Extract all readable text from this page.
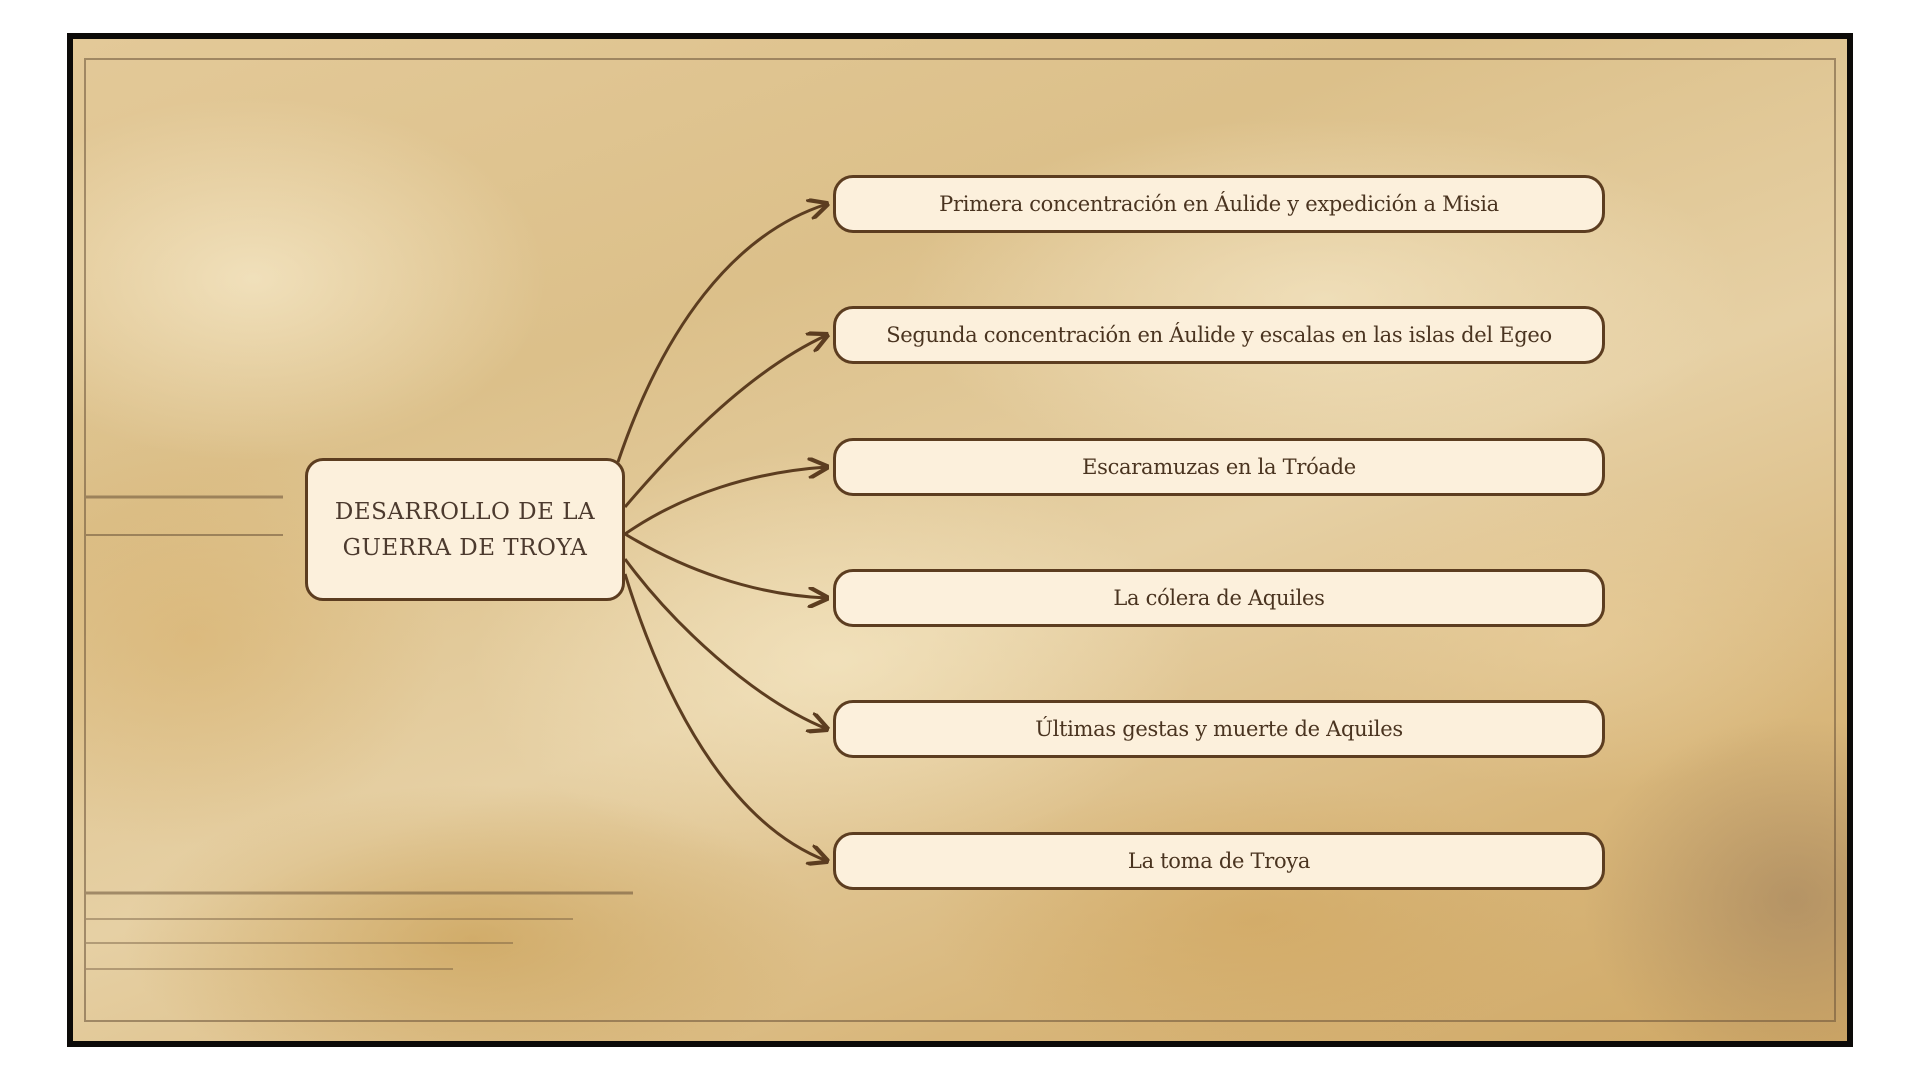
DESARROLLO DE LA GUERRA DE TROYA
Primera concentración en Áulide y expedición a Misia
Segunda concentración en Áulide y escalas en las islas del Egeo
Escaramuzas en la Tróade
La cólera de Aquiles
Últimas gestas y muerte de Aquiles
La toma de Troya
